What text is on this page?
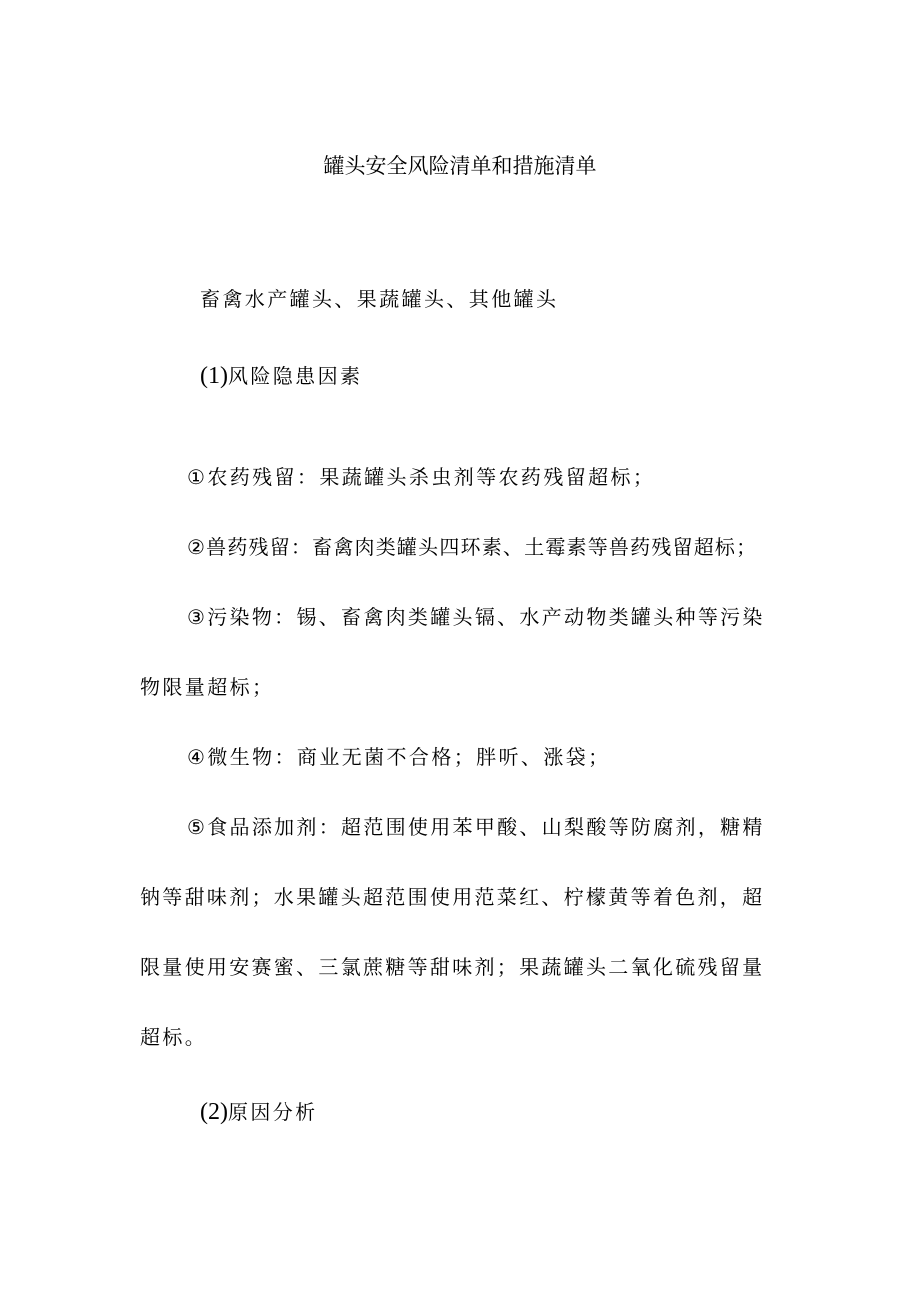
罐头安全风险清单和措施清单
畜禽水产罐头、果蔬罐头、其他罐头
(1)风险隐患因素
①农药残留：果蔬罐头杀虫剂等农药残留超标；
②兽药残留：畜禽肉类罐头四环素、土霉素等兽药残留超标；
③污染物：锡、畜禽肉类罐头镉、水产动物类罐头种等污染
物限量超标；
④微生物：商业无菌不合格；胖听、涨袋；
⑤食品添加剂：超范围使用苯甲酸、山梨酸等防腐剂，糖精
钠等甜味剂；水果罐头超范围使用范菜红、柠檬黄等着色剂，超
限量使用安赛蜜、三氯蔗糖等甜味剂；果蔬罐头二氧化硫残留量
超标。
(2)原因分析
